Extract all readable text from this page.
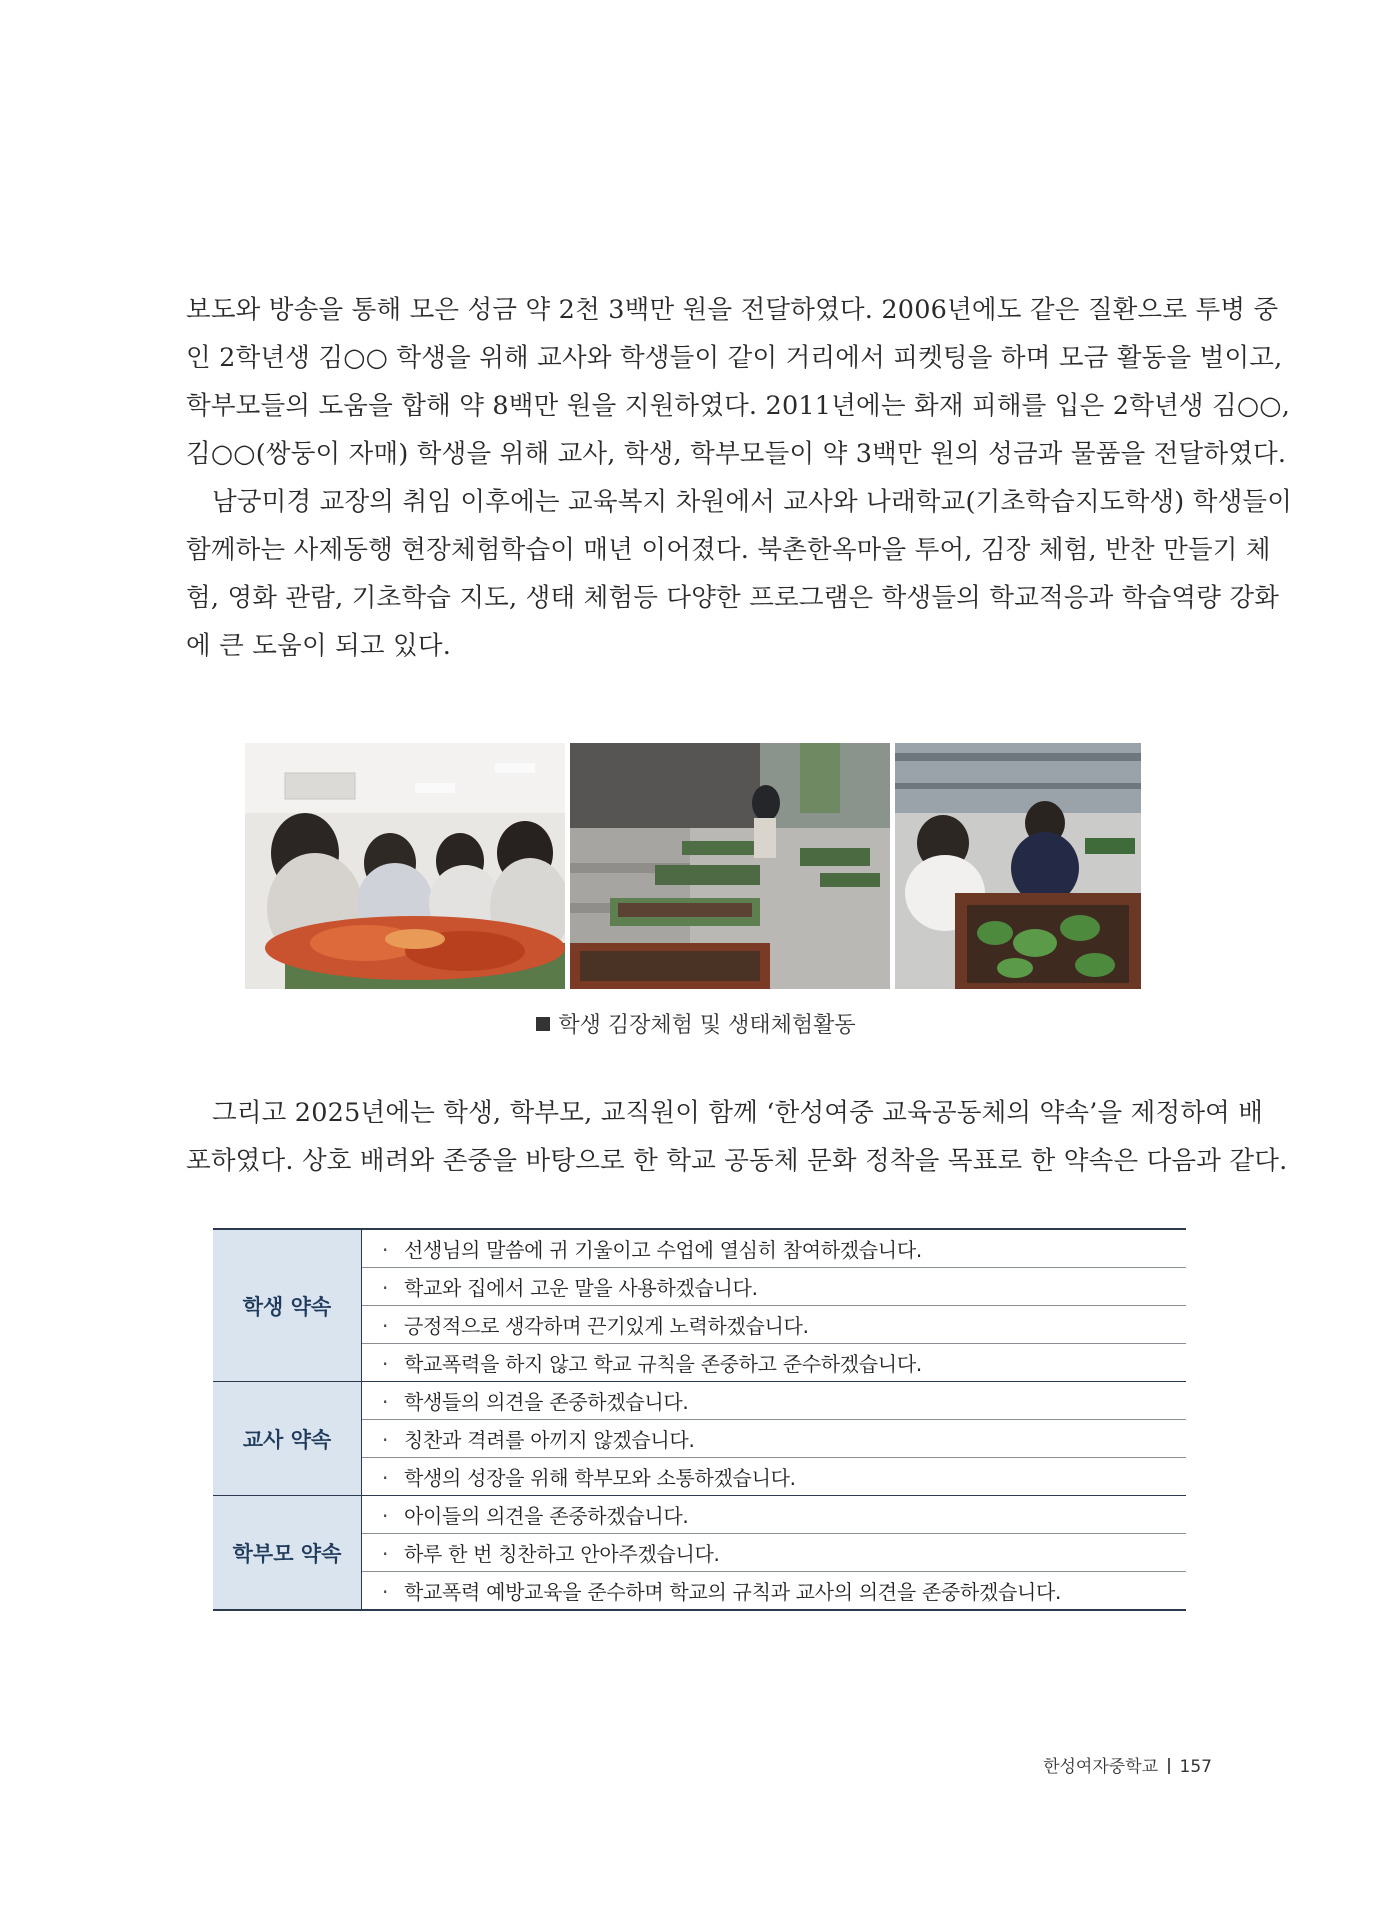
보도와 방송을 통해 모은 성금 약 2천 3백만 원을 전달하였다. 2006년에도 같은 질환으로 투병 중
인 2학년생 김○○ 학생을 위해 교사와 학생들이 같이 거리에서 피켓팅을 하며 모금 활동을 벌이고,
학부모들의 도움을 합해 약 8백만 원을 지원하였다. 2011년에는 화재 피해를 입은 2학년생 김○○,
김○○(쌍둥이 자매) 학생을 위해 교사, 학생, 학부모들이 약 3백만 원의 성금과 물품을 전달하였다.
남궁미경 교장의 취임 이후에는 교육복지 차원에서 교사와 나래학교(기초학습지도학생) 학생들이
함께하는 사제동행 현장체험학습이 매년 이어졌다. 북촌한옥마을 투어, 김장 체험, 반찬 만들기 체
험, 영화 관람, 기초학습 지도, 생태 체험등 다양한 프로그램은 학생들의 학교적응과 학습역량 강화
에 큰 도움이 되고 있다.
학생 김장체험 및 생태체험활동
그리고 2025년에는 학생, 학부모, 교직원이 함께 ‘한성여중 교육공동체의 약속’을 제정하여 배
포하였다. 상호 배려와 존중을 바탕으로 한 학교 공동체 문화 정착을 목표로 한 약속은 다음과 같다.
학생 약속	· 선생님의 말씀에 귀 기울이고 수업에 열심히 참여하겠습니다.
	· 학교와 집에서 고운 말을 사용하겠습니다.
	· 긍정적으로 생각하며 끈기있게 노력하겠습니다.
	· 학교폭력을 하지 않고 학교 규칙을 존중하고 준수하겠습니다.
교사 약속	· 학생들의 의견을 존중하겠습니다.
	· 칭찬과 격려를 아끼지 않겠습니다.
	· 학생의 성장을 위해 학부모와 소통하겠습니다.
학부모 약속	· 아이들의 의견을 존중하겠습니다.
	· 하루 한 번 칭찬하고 안아주겠습니다.
	· 학교폭력 예방교육을 준수하며 학교의 규칙과 교사의 의견을 존중하겠습니다.
한성여자중학교 157
